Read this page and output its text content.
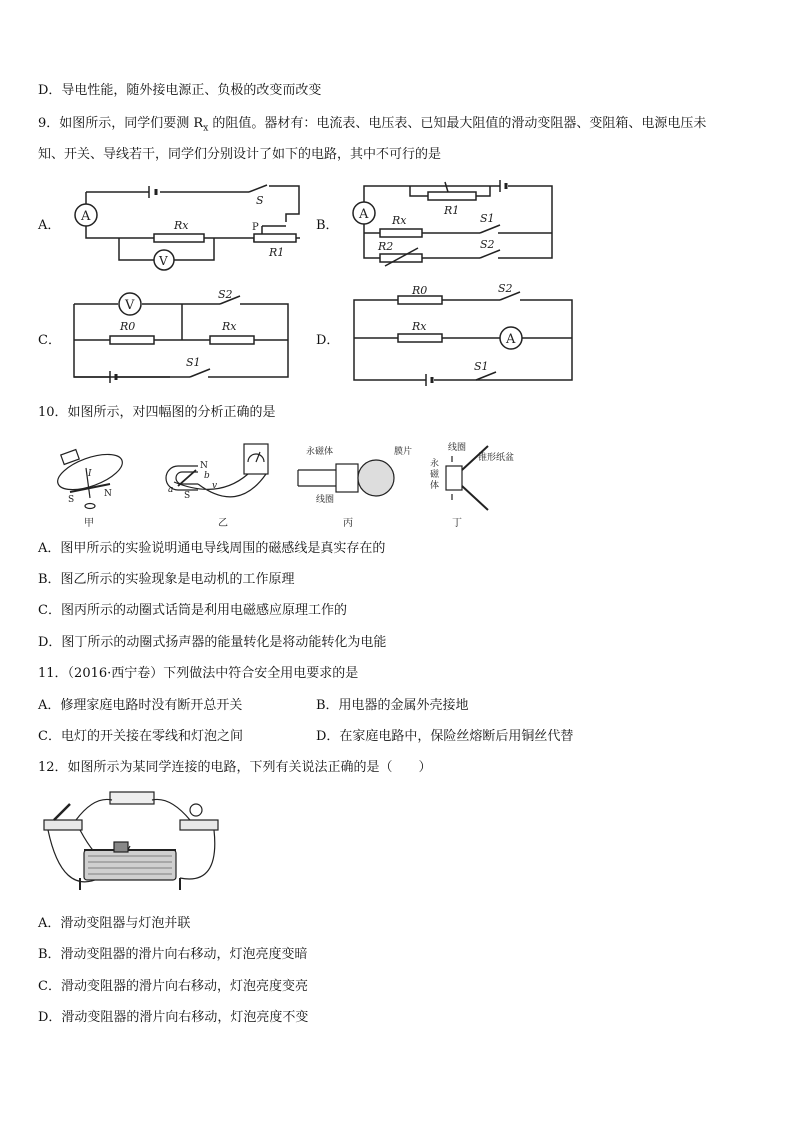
D．导电性能，随外接电源正、负极的改变而改变
9．如图所示，同学们要测 $R_x$ 的阻值。器材有：电流表、电压表、已知最大阻值的滑动变阻器、变阻箱、电源电压未
知、开关、导线若干，同学们分别设计了如下的电路，其中不可行的是
A．	B．
C．	D．
A
Rx
V
P
R1
S
R1
A Rx	S1
R2	S2
V
S2
R0	Rx
S1
R0	S2
Rx
A
S1
10．如图所示，对四幅图的分析正确的是
S
N
I
甲
N
S
a
b
v
乙
永磁体	膜片
线圈
丙
线圈
锥形纸盆
永 磁 体
丁
A．图甲所示的实验说明通电导线周围的磁感线是真实存在的
B．图乙所示的实验现象是电动机的工作原理
C．图丙所示的动圈式话筒是利用电磁感应原理工作的
D．图丁所示的动圈式扬声器的能量转化是将动能转化为电能
11．（2016·西宁卷）下列做法中符合安全用电要求的是
A．修理家庭电路时没有断开总开关	B．用电器的金属外壳接地
C．电灯的开关接在零线和灯泡之间	D．在家庭电路中，保险丝熔断后用铜丝代替
12．如图所示为某同学连接的电路，下列有关说法正确的是（　　）
A．滑动变阻器与灯泡并联
B．滑动变阻器的滑片向右移动，灯泡亮度变暗
C．滑动变阻器的滑片向右移动，灯泡亮度变亮
D．滑动变阻器的滑片向右移动，灯泡亮度不变
